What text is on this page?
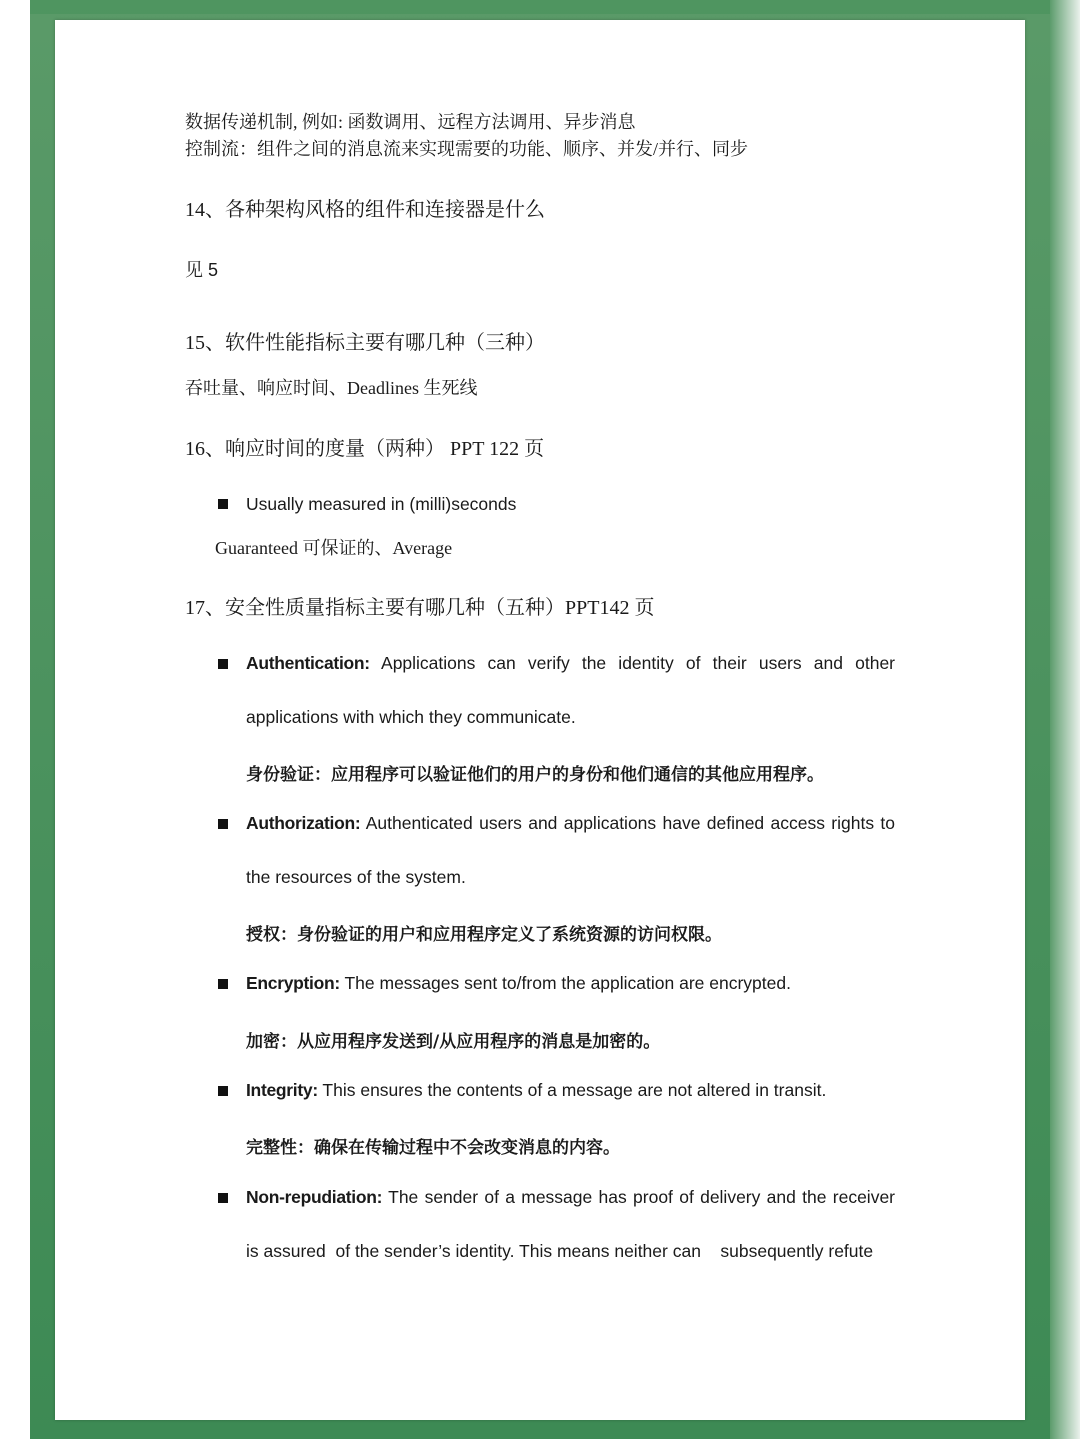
数据传递机制, 例如: 函数调用、远程方法调用、异步消息
控制流：组件之间的消息流来实现需要的功能、顺序、并发/并行、同步
14、各种架构风格的组件和连接器是什么
见 5
15、软件性能指标主要有哪几种（三种）
吞吐量、响应时间、Deadlines 生死线
16、响应时间的度量（两种） PPT 122 页
Usually measured in (milli)seconds
Guaranteed 可保证的、Average
17、安全性质量指标主要有哪几种（五种）PPT142 页
Authentication: Applications can verify the identity of their users and other
applications with which they communicate.
身份验证：应用程序可以验证他们的用户的身份和他们通信的其他应用程序。
Authorization: Authenticated users and applications have defined access rights to
the resources of the system.
授权：身份验证的用户和应用程序定义了系统资源的访问权限。
Encryption: The messages sent to/from the application are encrypted.
加密：从应用程序发送到/从应用程序的消息是加密的。
Integrity: This ensures the contents of a message are not altered in transit.
完整性：确保在传输过程中不会改变消息的内容。
Non-repudiation: The sender of a message has proof of delivery and the receiver
is assured  of the sender’s identity. This means neither can    subsequently refute
